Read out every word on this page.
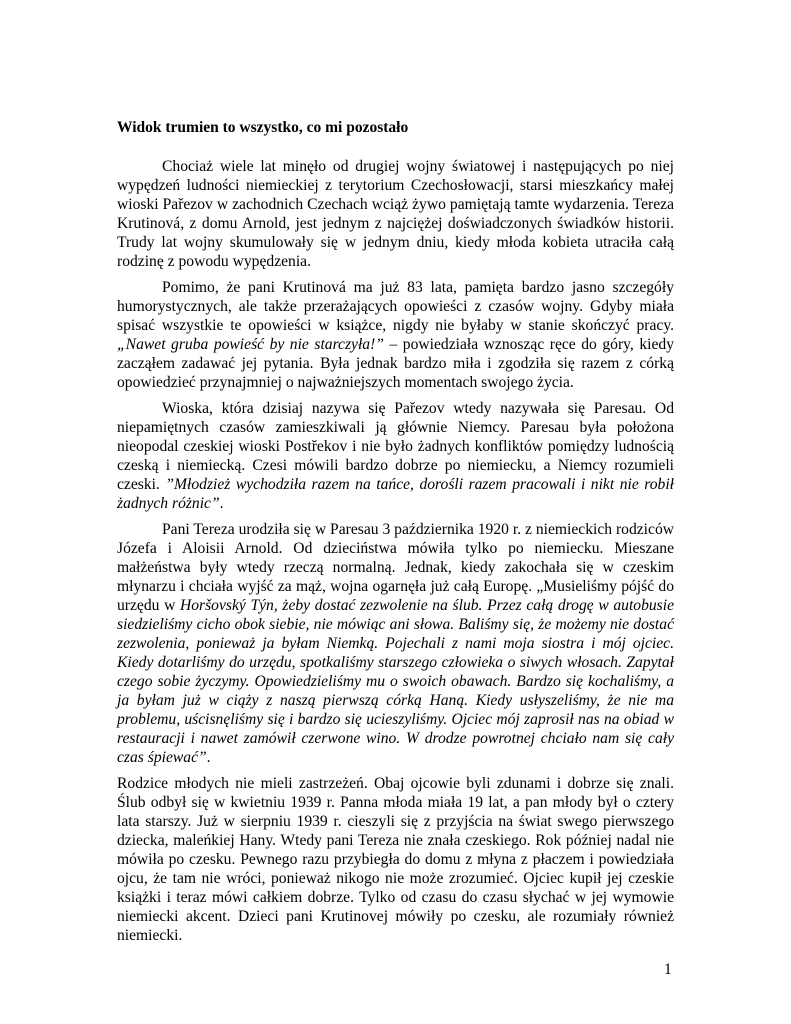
Widok trumien to wszystko, co mi pozostało

Chociaż wiele lat minęło od drugiej wojny światowej i następujących po niej wypędzeń ludności niemieckiej z terytorium Czechosłowacji, starsi mieszkańcy małej wioski Pařezov w zachodnich Czechach wciąż żywo pamiętają tamte wydarzenia. Tereza Krutinová, z domu Arnold, jest jednym z najciężej doświadczonych świadków historii. Trudy lat wojny skumulowały się w jednym dniu, kiedy młoda kobieta utraciła całą rodzinę z powodu wypędzenia.

Pomimo, że pani Krutinová ma już 83 lata, pamięta bardzo jasno szczegóły humorystycznych, ale także przerażających opowieści z czasów wojny. Gdyby miała spisać wszystkie te opowieści w książce, nigdy nie byłaby w stanie skończyć pracy. „Nawet gruba powieść by nie starczyła!” – powiedziała wznosząc ręce do góry, kiedy zacząłem zadawać jej pytania. Była jednak bardzo miła i zgodziła się razem z córką opowiedzieć przynajmniej o najważniejszych momentach swojego życia.

Wioska, która dzisiaj nazywa się Pařezov wtedy nazywała się Paresau. Od niepamiętnych czasów zamieszkiwali ją głównie Niemcy. Paresau była położona nieopodal czeskiej wioski Postřekov i nie było żadnych konfliktów pomiędzy ludnością czeską i niemiecką. Czesi mówili bardzo dobrze po niemiecku, a Niemcy rozumieli czeski. ”Młodzież wychodziła razem na tańce, dorośli razem pracowali i nikt nie robił żadnych różnic”.

Pani Tereza urodziła się w Paresau 3 października 1920 r. z niemieckich rodziców Józefa i Aloisii Arnold. Od dzieciństwa mówiła tylko po niemiecku. Mieszane małżeństwa były wtedy rzeczą normalną. Jednak, kiedy zakochała się w czeskim młynarzu i chciała wyjść za mąż, wojna ogarnęła już całą Europę. „Musieliśmy pójść do urzędu w Horšovský Týn, żeby dostać zezwolenie na ślub. Przez całą drogę w autobusie siedzieliśmy cicho obok siebie, nie mówiąc ani słowa. Baliśmy się, że możemy nie dostać zezwolenia, ponieważ ja byłam Niemką. Pojechali z nami moja siostra i mój ojciec. Kiedy dotarliśmy do urzędu, spotkaliśmy starszego człowieka o siwych włosach. Zapytał czego sobie życzymy. Opowiedzieliśmy mu o swoich obawach. Bardzo się kochaliśmy, a ja byłam już w ciąży z naszą pierwszą córką Haną. Kiedy usłyszeliśmy, że nie ma problemu, uścisnęliśmy się i bardzo się ucieszyliśmy. Ojciec mój zaprosił nas na obiad w restauracji i nawet zamówił czerwone wino. W drodze powrotnej chciało nam się cały czas śpiewać”.

Rodzice młodych nie mieli zastrzeżeń. Obaj ojcowie byli zdunami i dobrze się znali. Ślub odbył się w kwietniu 1939 r. Panna młoda miała 19 lat, a pan młody był o cztery lata starszy. Już w sierpniu 1939 r. cieszyli się z przyjścia na świat swego pierwszego dziecka, maleńkiej Hany. Wtedy pani Tereza nie znała czeskiego. Rok później nadal nie mówiła po czesku. Pewnego razu przybiegła do domu z młyna z płaczem i powiedziała ojcu, że tam nie wróci, ponieważ nikogo nie może zrozumieć. Ojciec kupił jej czeskie książki i teraz mówi całkiem dobrze. Tylko od czasu do czasu słychać w jej wymowie niemiecki akcent. Dzieci pani Krutinovej mówiły po czesku, ale rozumiały również niemiecki.

1
